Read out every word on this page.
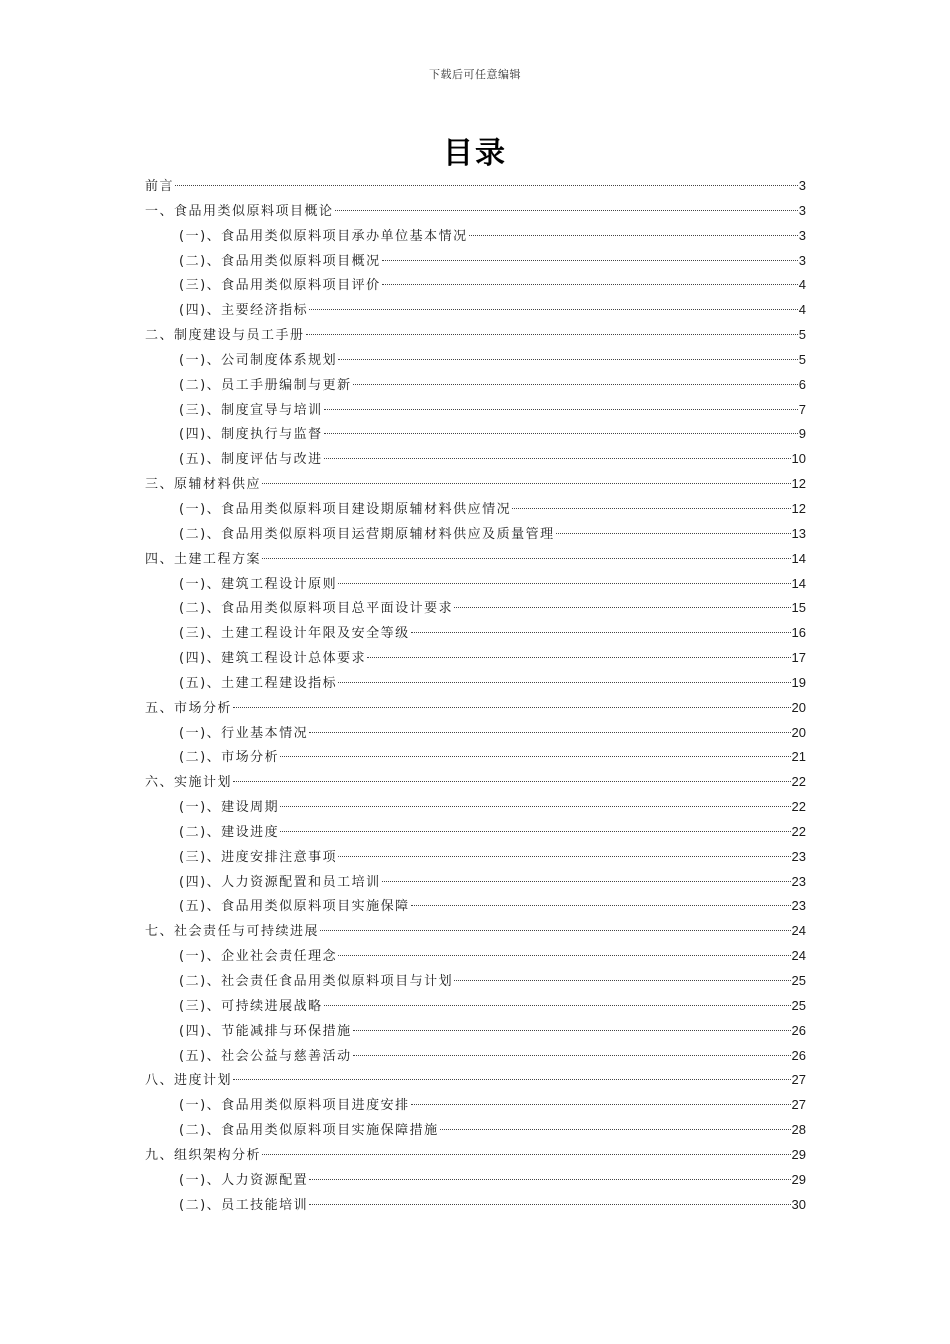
下载后可任意编辑
目录
前言	3
一、食品用类似原料项目概论	3
(一)、食品用类似原料项目承办单位基本情况	3
(二)、食品用类似原料项目概况	3
(三)、食品用类似原料项目评价	4
(四)、主要经济指标	4
二、制度建设与员工手册	5
(一)、公司制度体系规划	5
(二)、员工手册编制与更新	6
(三)、制度宣导与培训	7
(四)、制度执行与监督	9
(五)、制度评估与改进	10
三、原辅材料供应	12
(一)、食品用类似原料项目建设期原辅材料供应情况	12
(二)、食品用类似原料项目运营期原辅材料供应及质量管理	13
四、土建工程方案	14
(一)、建筑工程设计原则	14
(二)、食品用类似原料项目总平面设计要求	15
(三)、土建工程设计年限及安全等级	16
(四)、建筑工程设计总体要求	17
(五)、土建工程建设指标	19
五、市场分析	20
(一)、行业基本情况	20
(二)、市场分析	21
六、实施计划	22
(一)、建设周期	22
(二)、建设进度	22
(三)、进度安排注意事项	23
(四)、人力资源配置和员工培训	23
(五)、食品用类似原料项目实施保障	23
七、社会责任与可持续进展	24
(一)、企业社会责任理念	24
(二)、社会责任食品用类似原料项目与计划	25
(三)、可持续进展战略	25
(四)、节能减排与环保措施	26
(五)、社会公益与慈善活动	26
八、进度计划	27
(一)、食品用类似原料项目进度安排	27
(二)、食品用类似原料项目实施保障措施	28
九、组织架构分析	29
(一)、人力资源配置	29
(二)、员工技能培训	30
